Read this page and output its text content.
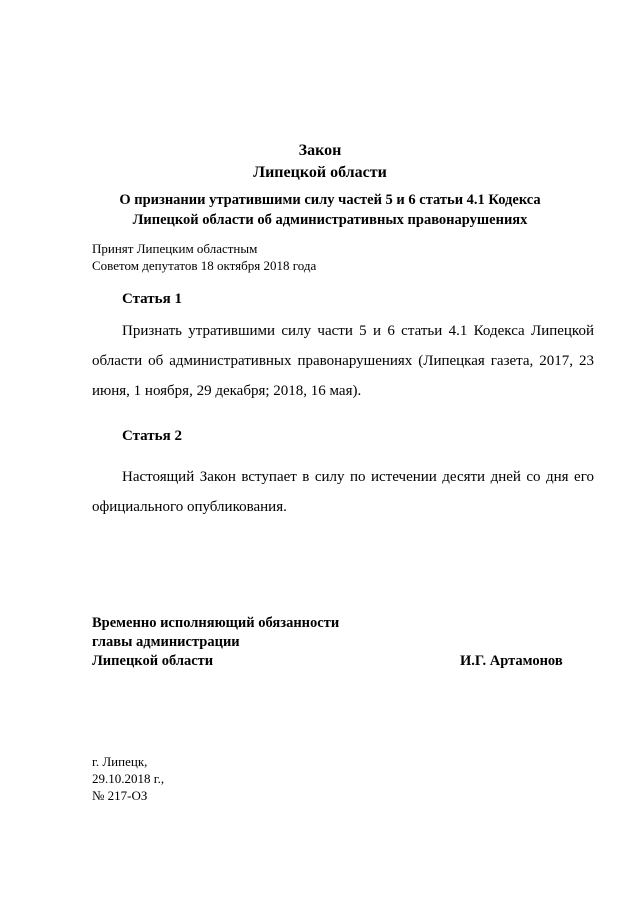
Закон
Липецкой области
О признании утратившими силу частей 5 и 6 статьи 4.1 Кодекса
Липецкой области об административных правонарушениях
Принят Липецким областным
Советом депутатов 18 октября 2018 года
Статья 1
Признать утратившими силу части 5 и 6 статьи 4.1 Кодекса Липецкой области об административных правонарушениях (Липецкая газета, 2017, 23 июня, 1 ноября, 29 декабря; 2018, 16 мая).
Статья 2
Настоящий Закон вступает в силу по истечении десяти дней со дня его официального опубликования.
Временно исполняющий обязанности
главы администрации
Липецкой области	И.Г. Артамонов
г. Липецк,
29.10.2018 г.,
№ 217-ОЗ
